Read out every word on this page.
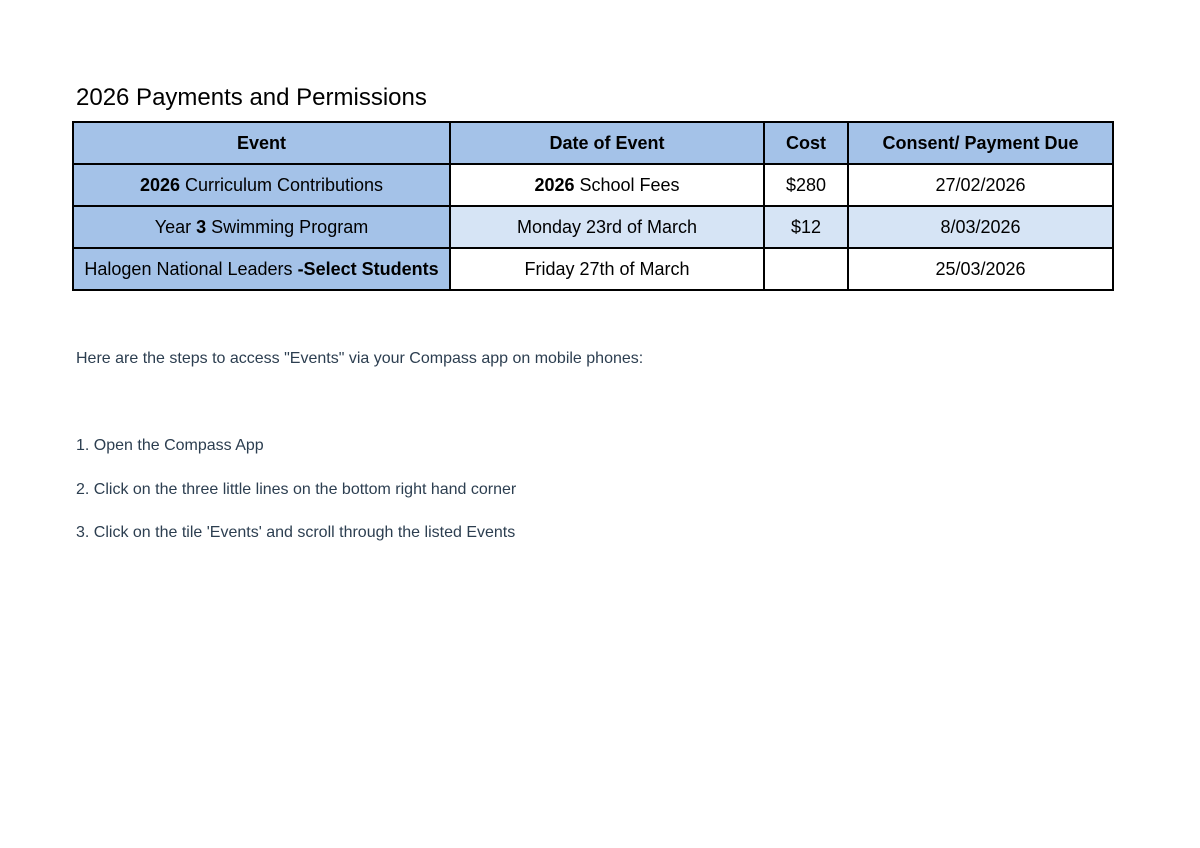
2026 Payments and Permissions
Event	Date of Event	Cost	Consent/ Payment Due
2026 Curriculum Contributions	2026 School Fees	$280	27/02/2026
Year 3 Swimming Program	Monday 23rd of March	$12	8/03/2026
Halogen National Leaders -Select Students	Friday 27th of March		25/03/2026
Here are the steps to access "Events" via your Compass app on mobile phones:
1. Open the Compass App
2. Click on the three little lines on the bottom right hand corner
3. Click on the tile 'Events' and scroll through the listed Events
